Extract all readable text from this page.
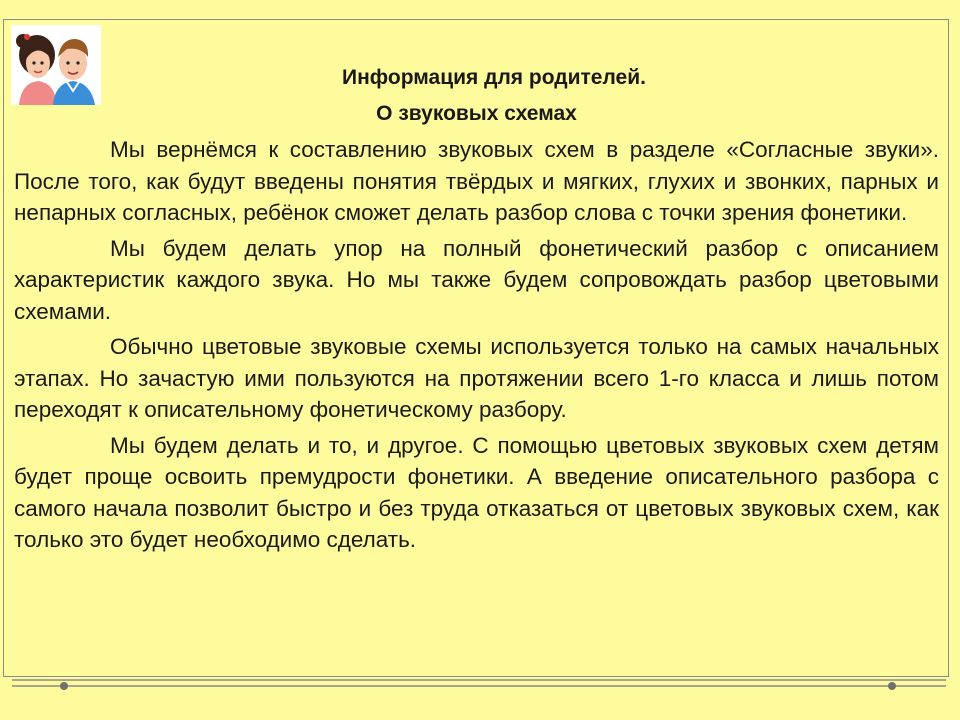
Информация для родителей.

О звуковых схемах

Мы вернёмся к составлению звуковых схем в разделе «Согласные звуки». После того, как будут введены понятия твёрдых и мягких, глухих и звонких, парных и непарных согласных, ребёнок сможет делать разбор слова с точки зрения фонетики.

Мы будем делать упор на полный фонетический разбор с описанием характеристик каждого звука. Но мы также будем сопровождать разбор цветовыми схемами.

Обычно цветовые звуковые схемы используется только на самых начальных этапах. Но зачастую ими пользуются на протяжении всего 1-го класса и лишь потом переходят к описательному фонетическому разбору.

Мы будем делать и то, и другое. С помощью цветовых звуковых схем детям будет проще освоить премудрости фонетики. А введение описательного разбора с самого начала позволит быстро и без труда отказаться от цветовых звуковых схем, как только это будет необходимо сделать.
